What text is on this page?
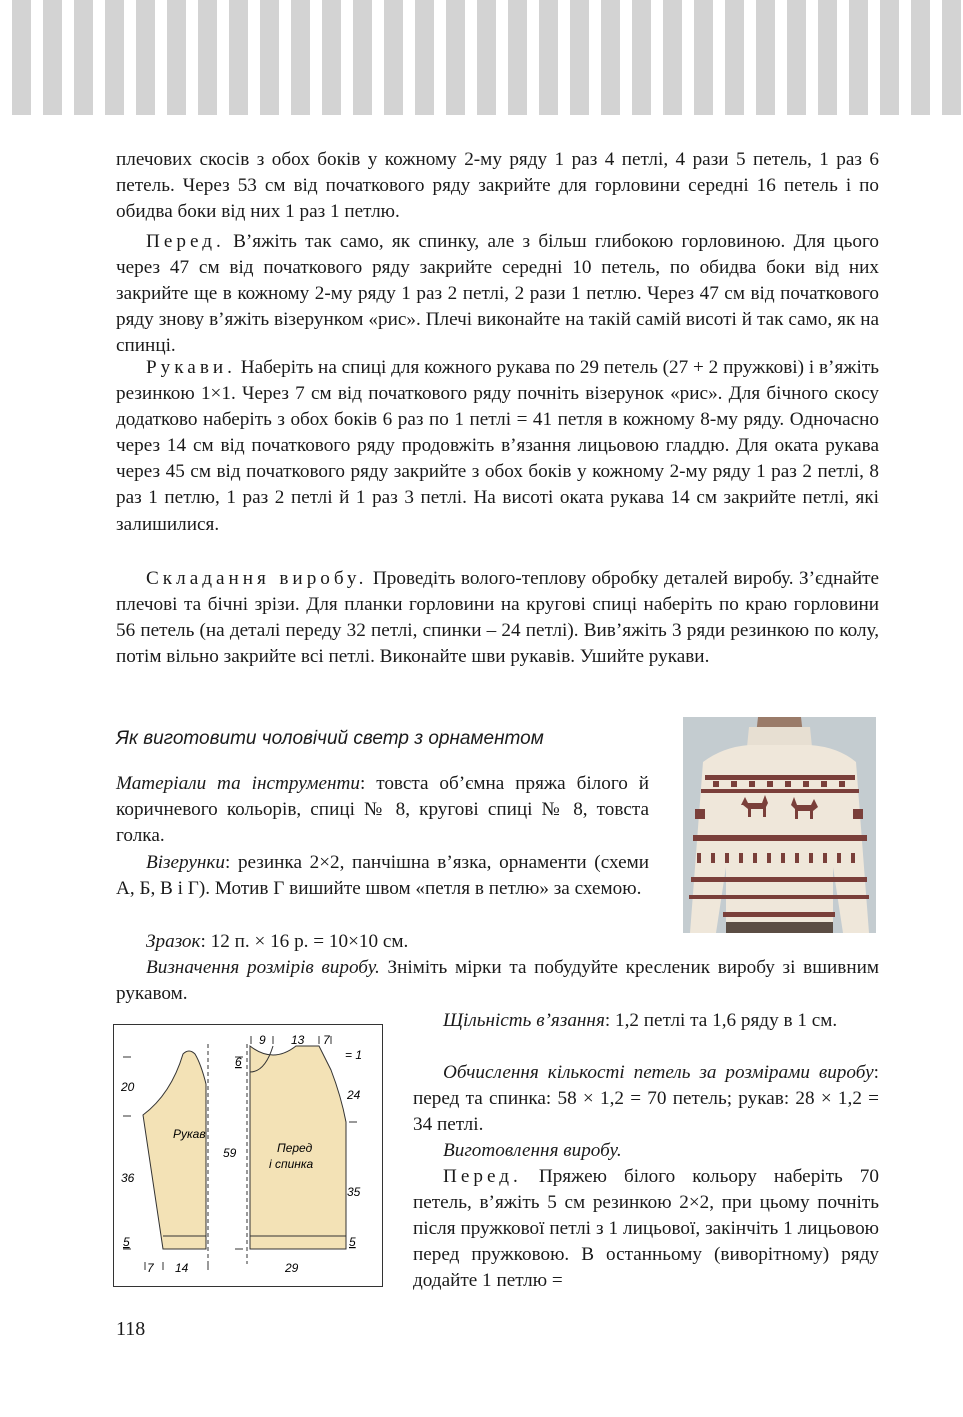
плечових скосів з обох боків у кожному 2-му ряду 1 раз 4 петлі, 4 рази 5 петель, 1 раз 6 петель. Через 53 см від початкового ряду закрийте для горловини середні 16 петель і по обидва боки від них 1 раз 1 петлю.

Перед. В’яжіть так само, як спинку, але з більш глибокою горловиною. Для цього через 47 см від початкового ряду закрийте середні 10 петель, по обидва боки від них закрийте ще в кожному 2-му ряду 1 раз 2 петлі, 2 рази 1 петлю. Через 47 см від початкового ряду знову в’яжіть візерунком «рис». Плечі виконайте на такій самій висоті й так само, як на спинці.

Рукави. Наберіть на спиці для кожного рукава по 29 петель (27 + 2 пружкові) і в’яжіть резинкою 1×1. Через 7 см від початкового ряду почніть візерунок «рис». Для бічного скосу додатково наберіть з обох боків 6 раз по 1 петлі = 41 петля в кожному 8-му ряду. Одночасно через 14 см від початкового ряду продовжіть в’язання лицьовою гладдю. Для оката рукава через 45 см від початкового ряду закрийте з обох боків у кожному 2-му ряду 1 раз 2 петлі, 8 раз 1 петлю, 1 раз 2 петлі й 1 раз 3 петлі. На висоті оката рукава 14 см закрийте петлі, які залишилися.

Складання виробу. Проведіть волого-теплову обробку деталей виробу. З’єднайте плечові та бічні зрізи. Для планки горловини на кругові спиці наберіть по краю горловини 56 петель (на деталі переду 32 петлі, спинки – 24 петлі). Вив’яжіть 3 ряди резинкою по колу, потім вільно закрийте всі петлі. Виконайте шви рукавів. Ушийте рукави.

Як виготовити чоловічий светр з орнаментом

Матеріали та інструменти: товста об’ємна пряжа білого й коричневого кольорів, спиці № 8, кругові спиці № 8, товста голка.

Візерунки: резинка 2×2, панчішна в’язка, орнаменти (схеми А, Б, В і Г). Мотив Г вишийте швом «петля в петлю» за схемою.

Зразок: 12 п. × 16 р. = 10×10 см.

Визначення розмірів виробу. Зніміть мірки та побудуйте кресленик виробу зі вшивним рукавом.

Рукав
Перед
і спинка
20
36
5
7 14
9 13 7
= 1
6
24
59
35
5
29

Щільність в’язання: 1,2 петлі та 1,6 ряду в 1 см.

Обчислення кількості петель за розмірами виробу: перед та спинка: 58 × 1,2 = 70 петель; рукав: 28 × 1,2 = 34 петлі.

Виготовлення виробу.

Перед. Пряжею білого кольору наберіть 70 петель, в’яжіть 5 см резинкою 2×2, при цьому почніть після пружкової петлі з 1 лицьової, закінчіть 1 лицьовою перед пружковою. В останньому (виворітному) ряду додайте 1 петлю =

118
